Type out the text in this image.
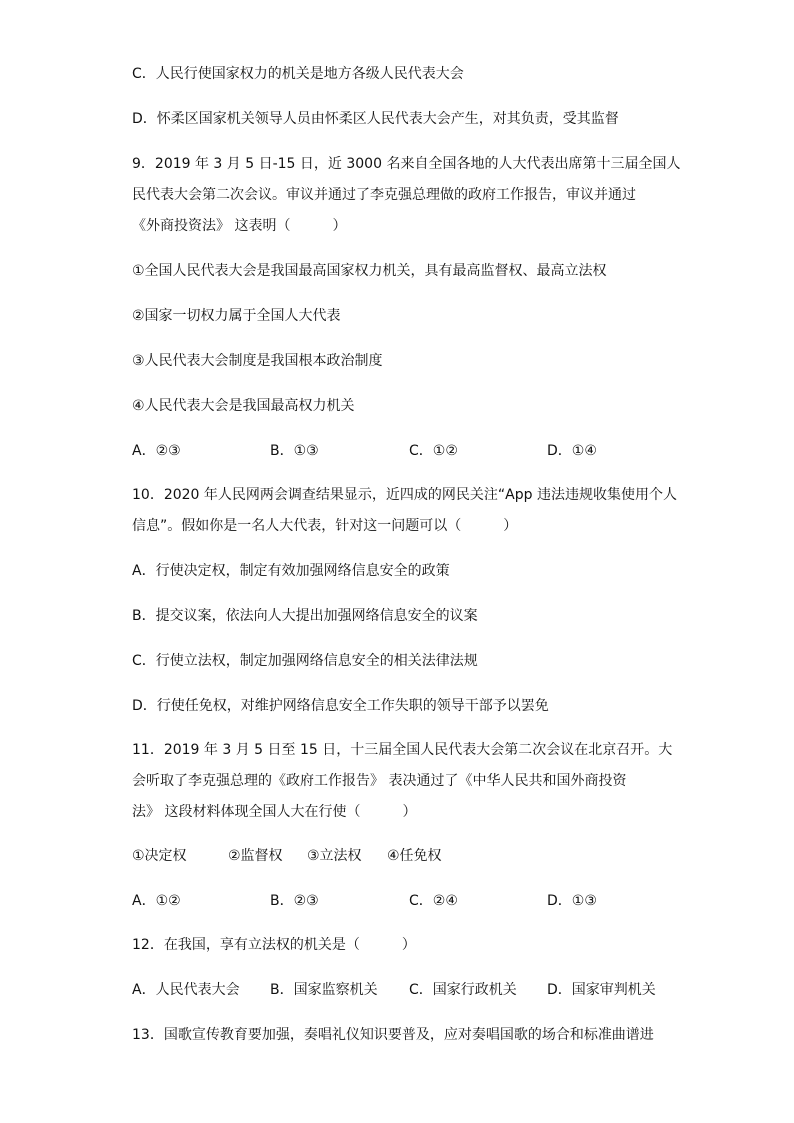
C．人民行使国家权力的机关是地方各级人民代表大会
D．怀柔区国家机关领导人员由怀柔区人民代表大会产生，对其负责，受其监督
9．2019 年 3 月 5 日-15 日，近 3000 名来自全国各地的人大代表出席第十三届全国人
民代表大会第二次会议。审议并通过了李克强总理做的政府工作报告，审议并通过
《外商投资法》 这表明（　　　）
①全国人民代表大会是我国最高国家权力机关，具有最高监督权、最高立法权
②国家一切权力属于全国人大代表
③人民代表大会制度是我国根本政治制度
④人民代表大会是我国最高权力机关
A．②③	B．①③	C．①②	D．①④
10．2020 年人民网两会调查结果显示，近四成的网民关注“App 违法违规收集使用个人
信息”。假如你是一名人大代表，针对这一问题可以（　　　）
A．行使决定权，制定有效加强网络信息安全的政策
B．提交议案，依法向人大提出加强网络信息安全的议案
C．行使立法权，制定加强网络信息安全的相关法律法规
D．行使任免权，对维护网络信息安全工作失职的领导干部予以罢免
11．2019 年 3 月 5 日至 15 日，十三届全国人民代表大会第二次会议在北京召开。大
会听取了李克强总理的《政府工作报告》 表决通过了《中华人民共和国外商投资
法》 这段材料体现全国人大在行使（　　　）
①决定权	②监督权 ③立法权 ④任免权
A．①②	B．②③	C．②④	D．①③
12．在我国，享有立法权的机关是（　　　）
A．人民代表大会 B．国家监察机关 C．国家行政机关 D．国家审判机关
13．国歌宣传教育要加强，奏唱礼仪知识要普及，应对奏唱国歌的场合和标准曲谱进
